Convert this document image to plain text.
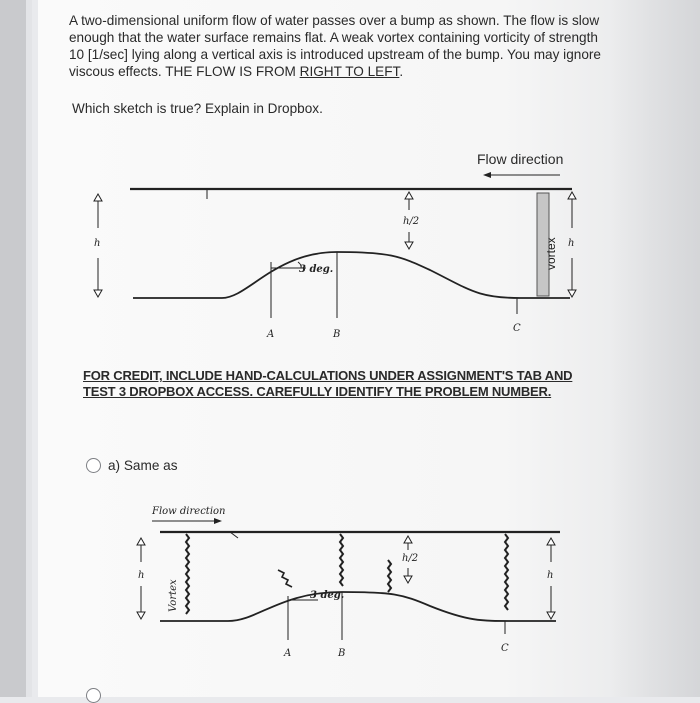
A two-dimensional uniform flow of water passes over a bump as shown. The flow is slow enough that the water surface remains flat. A weak vortex containing vorticity of strength 10 [1/sec] lying along a vertical axis is introduced upstream of the bump. You may ignore viscous effects. THE FLOW IS FROM RIGHT TO LEFT.

Which sketch is true? Explain in Dropbox.

Flow direction
h	h
h/2
3 deg.
A	B
C
vortex
FOR CREDIT, INCLUDE HAND-CALCULATIONS UNDER ASSIGNMENT'S TAB AND TEST 3 DROPBOX ACCESS. CAREFULLY IDENTIFY THE PROBLEM NUMBER.
a) Same as
Flow direction
h	h
h/2
3 deg.
A	B	C
Vortex
